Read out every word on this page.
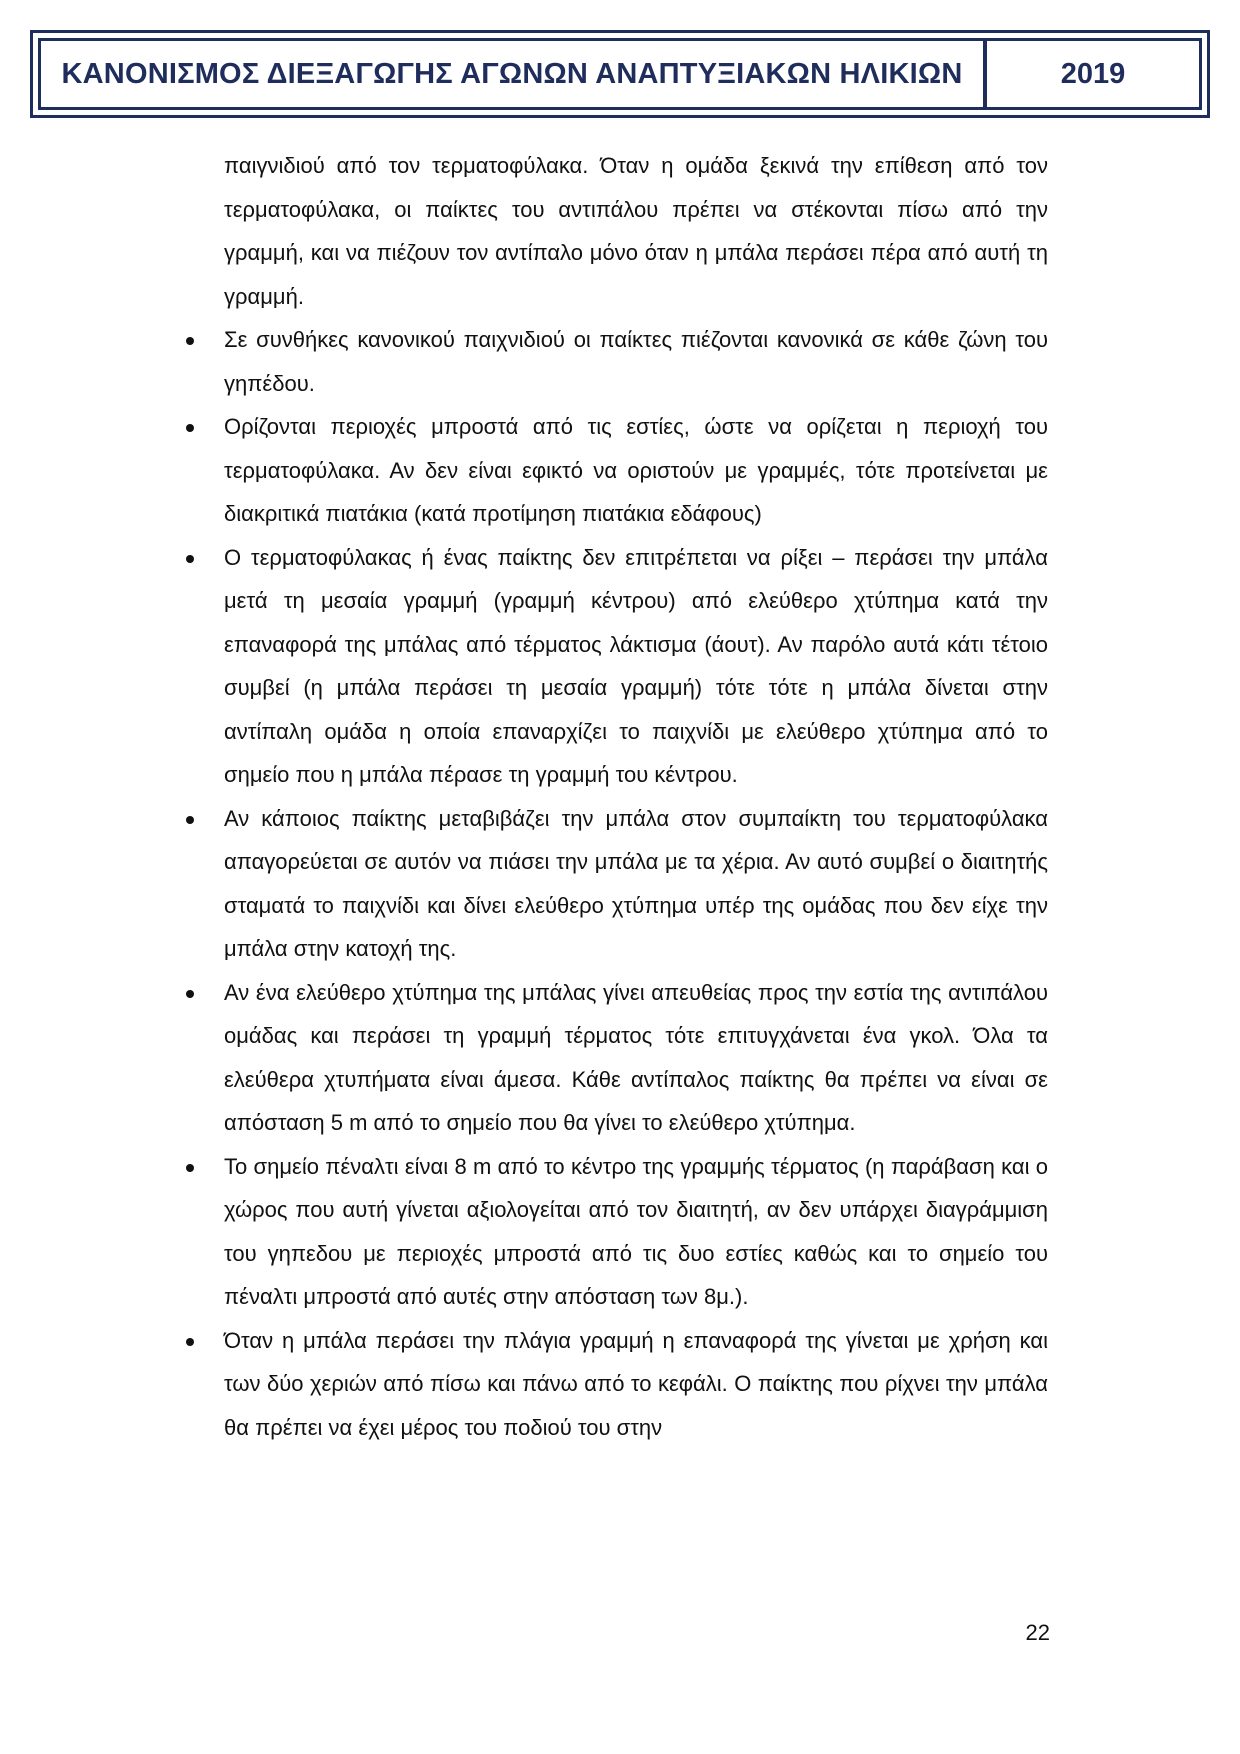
ΚΑΝΟΝΙΣΜΟΣ ΔΙΕΞΑΓΩΓΗΣ ΑΓΩΝΩΝ ΑΝΑΠΤΥΞΙΑΚΩΝ ΗΛΙΚΙΩΝ	2019

παιγνιδιού από τον τερματοφύλακα. Όταν η ομάδα ξεκινά την επίθεση από τον τερματοφύλακα, οι παίκτες του αντιπάλου πρέπει να στέκονται πίσω από την γραμμή, και να πιέζουν τον αντίπαλο μόνο όταν η μπάλα περάσει πέρα από αυτή τη γραμμή.

Σε συνθήκες κανονικού παιχνιδιού οι παίκτες πιέζονται κανονικά σε κάθε ζώνη του γηπέδου.

Ορίζονται περιοχές μπροστά από τις εστίες, ώστε να ορίζεται η περιοχή του τερματοφύλακα. Αν δεν είναι εφικτό να οριστούν με γραμμές, τότε προτείνεται με διακριτικά πιατάκια (κατά προτίμηση πιατάκια εδάφους)

Ο τερματοφύλακας ή ένας παίκτης δεν επιτρέπεται να ρίξει – περάσει την μπάλα μετά τη μεσαία γραμμή (γραμμή κέντρου) από ελεύθερο χτύπημα κατά την επαναφορά της μπάλας από τέρματος λάκτισμα (άουτ). Αν παρόλο αυτά κάτι τέτοιο συμβεί (η μπάλα περάσει τη μεσαία γραμμή) τότε τότε η μπάλα δίνεται στην αντίπαλη ομάδα η οποία επαναρχίζει το παιχνίδι με ελεύθερο χτύπημα από το σημείο που η μπάλα πέρασε τη γραμμή του κέντρου.

Αν κάποιος παίκτης μεταβιβάζει την μπάλα στον συμπαίκτη του τερματοφύλακα απαγορεύεται σε αυτόν να πιάσει την μπάλα με τα χέρια. Αν αυτό συμβεί ο διαιτητής σταματά το παιχνίδι και δίνει ελεύθερο χτύπημα υπέρ της ομάδας που δεν είχε την μπάλα στην κατοχή της.

Αν ένα ελεύθερο χτύπημα της μπάλας γίνει απευθείας προς την εστία της αντιπάλου ομάδας και περάσει τη γραμμή τέρματος τότε επιτυγχάνεται ένα γκολ. Όλα τα ελεύθερα χτυπήματα είναι άμεσα. Κάθε αντίπαλος παίκτης θα πρέπει να είναι σε απόσταση 5 m από το σημείο που θα γίνει το ελεύθερο χτύπημα.

Το σημείο πέναλτι είναι 8 m από το κέντρο της γραμμής τέρματος (η παράβαση και ο χώρος που αυτή γίνεται αξιολογείται από τον διαιτητή, αν δεν υπάρχει διαγράμμιση του γηπεδου με περιοχές μπροστά από τις δυο εστίες καθώς και το σημείο του πέναλτι μπροστά από αυτές στην απόσταση των 8μ.).

Όταν η μπάλα περάσει την πλάγια γραμμή η επαναφορά της γίνεται με χρήση και των δύο χεριών από πίσω και πάνω από το κεφάλι. Ο παίκτης που ρίχνει την μπάλα θα πρέπει να έχει μέρος του ποδιού του στην

22
